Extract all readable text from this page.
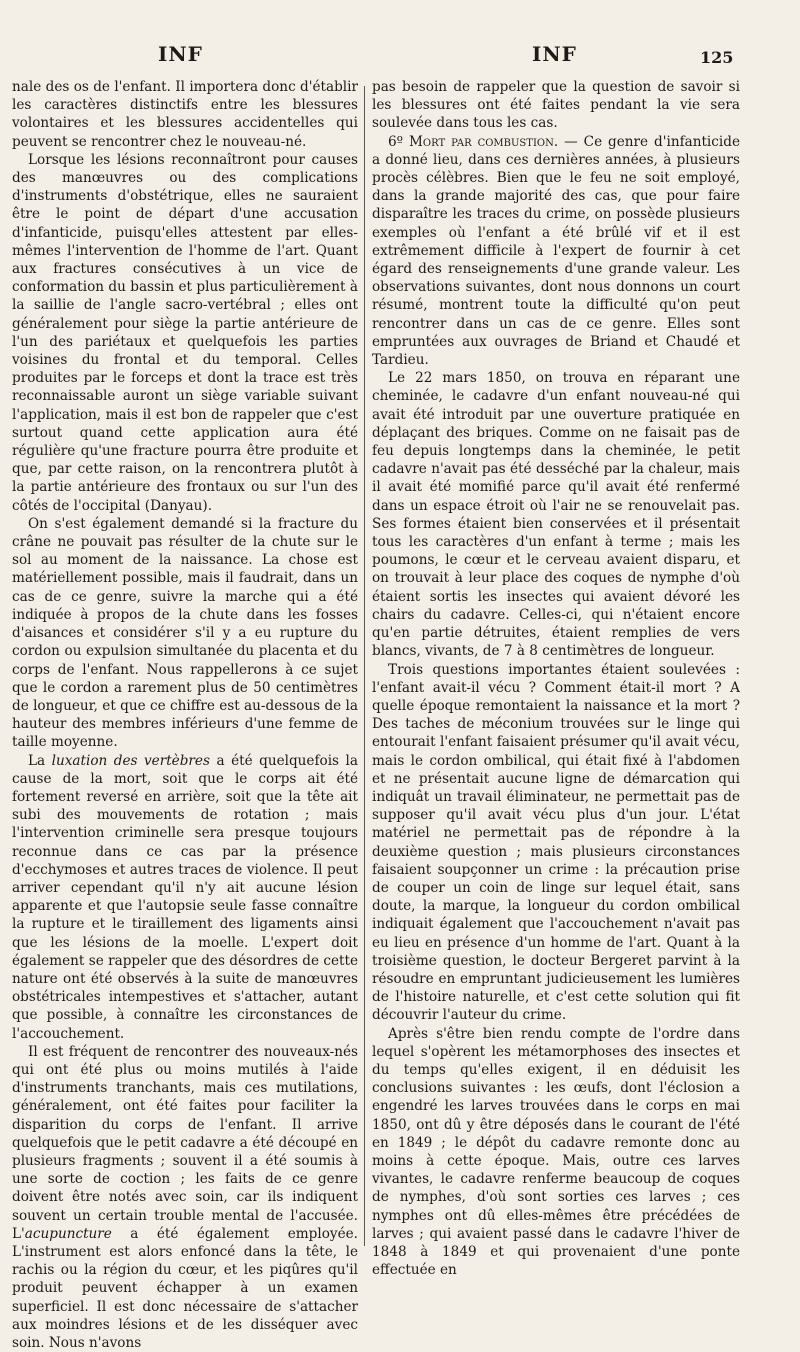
INF	INF	125

nale des os de l'enfant. Il importera donc d'établir les caractères distinctifs entre les blessures volontaires et les blessures accidentelles qui peuvent se rencontrer chez le nouveau-né.

Lorsque les lésions reconnaîtront pour causes des manœuvres ou des complications d'instruments d'obstétrique, elles ne sauraient être le point de départ d'une accusation d'infanticide, puisqu'elles attestent par elles-mêmes l'intervention de l'homme de l'art. Quant aux fractures consécutives à un vice de conformation du bassin et plus particulièrement à la saillie de l'angle sacro-vertébral ; elles ont généralement pour siège la partie antérieure de l'un des pariétaux et quelquefois les parties voisines du frontal et du temporal. Celles produites par le forceps et dont la trace est très reconnaissable auront un siège variable suivant l'application, mais il est bon de rappeler que c'est surtout quand cette application aura été régulière qu'une fracture pourra être produite et que, par cette raison, on la rencontrera plutôt à la partie antérieure des frontaux ou sur l'un des côtés de l'occipital (Danyau).

On s'est également demandé si la fracture du crâne ne pouvait pas résulter de la chute sur le sol au moment de la naissance. La chose est matériellement possible, mais il faudrait, dans un cas de ce genre, suivre la marche qui a été indiquée à propos de la chute dans les fosses d'aisances et considérer s'il y a eu rupture du cordon ou expulsion simultanée du placenta et du corps de l'enfant. Nous rappellerons à ce sujet que le cordon a rarement plus de 50 centimètres de longueur, et que ce chiffre est au-dessous de la hauteur des membres inférieurs d'une femme de taille moyenne.

La luxation des vertèbres a été quelquefois la cause de la mort, soit que le corps ait été fortement reversé en arrière, soit que la tête ait subi des mouvements de rotation ; mais l'intervention criminelle sera presque toujours reconnue dans ce cas par la présence d'ecchymoses et autres traces de violence. Il peut arriver cependant qu'il n'y ait aucune lésion apparente et que l'autopsie seule fasse connaître la rupture et le tiraillement des ligaments ainsi que les lésions de la moelle. L'expert doit également se rappeler que des désordres de cette nature ont été observés à la suite de manœuvres obstétricales intempestives et s'attacher, autant que possible, à connaître les circonstances de l'accouchement.

Il est fréquent de rencontrer des nouveaux-nés qui ont été plus ou moins mutilés à l'aide d'instruments tranchants, mais ces mutilations, généralement, ont été faites pour faciliter la disparition du corps de l'enfant. Il arrive quelquefois que le petit cadavre a été découpé en plusieurs fragments ; souvent il a été soumis à une sorte de coction ; les faits de ce genre doivent être notés avec soin, car ils indiquent souvent un certain trouble mental de l'accusée. L'acupuncture a été également employée. L'instrument est alors enfoncé dans la tête, le rachis ou la région du cœur, et les piqûres qu'il produit peuvent échapper à un examen superficiel. Il est donc nécessaire de s'attacher aux moindres lésions et de les disséquer avec soin. Nous n'avons

pas besoin de rappeler que la question de savoir si les blessures ont été faites pendant la vie sera soulevée dans tous les cas.

6º Mort par combustion. — Ce genre d'infanticide a donné lieu, dans ces dernières années, à plusieurs procès célèbres. Bien que le feu ne soit employé, dans la grande majorité des cas, que pour faire disparaître les traces du crime, on possède plusieurs exemples où l'enfant a été brûlé vif et il est extrêmement difficile à l'expert de fournir à cet égard des renseignements d'une grande valeur. Les observations suivantes, dont nous donnons un court résumé, montrent toute la difficulté qu'on peut rencontrer dans un cas de ce genre. Elles sont empruntées aux ouvrages de Briand et Chaudé et Tardieu.

Le 22 mars 1850, on trouva en réparant une cheminée, le cadavre d'un enfant nouveau-né qui avait été introduit par une ouverture pratiquée en déplaçant des briques. Comme on ne faisait pas de feu depuis longtemps dans la cheminée, le petit cadavre n'avait pas été desséché par la chaleur, mais il avait été momifié parce qu'il avait été renfermé dans un espace étroit où l'air ne se renouvelait pas. Ses formes étaient bien conservées et il présentait tous les caractères d'un enfant à terme ; mais les poumons, le cœur et le cerveau avaient disparu, et on trouvait à leur place des coques de nymphe d'où étaient sortis les insectes qui avaient dévoré les chairs du cadavre. Celles-ci, qui n'étaient encore qu'en partie détruites, étaient remplies de vers blancs, vivants, de 7 à 8 centimètres de longueur.

Trois questions importantes étaient soulevées : l'enfant avait-il vécu ? Comment était-il mort ? A quelle époque remontaient la naissance et la mort ? Des taches de méconium trouvées sur le linge qui entourait l'enfant faisaient présumer qu'il avait vécu, mais le cordon ombilical, qui était fixé à l'abdomen et ne présentait aucune ligne de démarcation qui indiquât un travail éliminateur, ne permettait pas de supposer qu'il avait vécu plus d'un jour. L'état matériel ne permettait pas de répondre à la deuxième question ; mais plusieurs circonstances faisaient soupçonner un crime : la précaution prise de couper un coin de linge sur lequel était, sans doute, la marque, la longueur du cordon ombilical indiquait également que l'accouchement n'avait pas eu lieu en présence d'un homme de l'art. Quant à la troisième question, le docteur Bergeret parvint à la résoudre en empruntant judicieusement les lumières de l'histoire naturelle, et c'est cette solution qui fit découvrir l'auteur du crime.

Après s'être bien rendu compte de l'ordre dans lequel s'opèrent les métamorphoses des insectes et du temps qu'elles exigent, il en déduisit les conclusions suivantes : les œufs, dont l'éclosion a engendré les larves trouvées dans le corps en mai 1850, ont dû y être déposés dans le courant de l'été en 1849 ; le dépôt du cadavre remonte donc au moins à cette époque. Mais, outre ces larves vivantes, le cadavre renferme beaucoup de coques de nymphes, d'où sont sorties ces larves ; ces nymphes ont dû elles-mêmes être précédées de larves ; qui avaient passé dans le cadavre l'hiver de 1848 à 1849 et qui provenaient d'une ponte effectuée en
